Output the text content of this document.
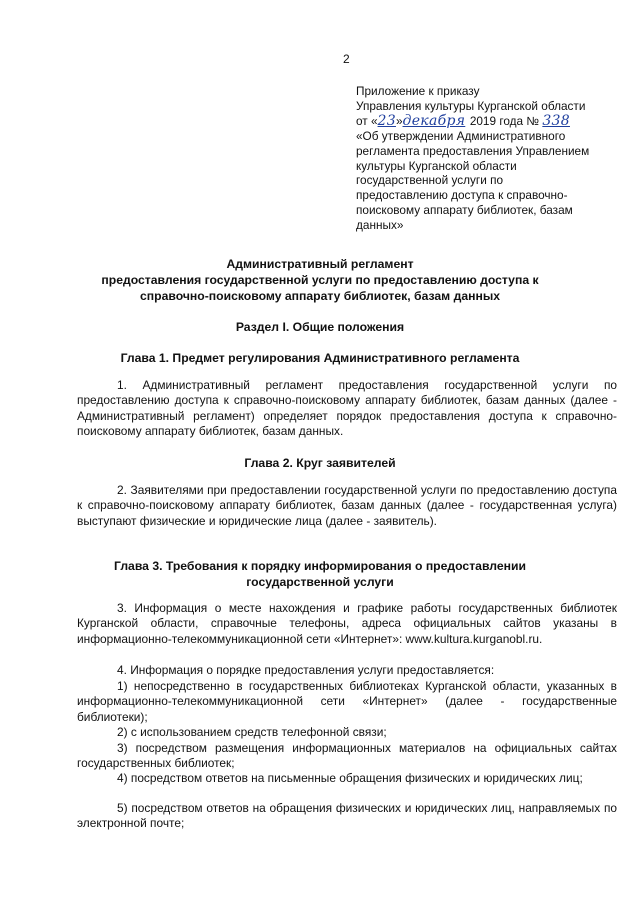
2
Приложение к приказу
Управления культуры Курганской области
от «23»декабря 2019 года № 338
«Об утверждении Административного
регламента предоставления Управлением
культуры Курганской области
государственной услуги по
предоставлению доступа к справочно-
поисковому аппарату библиотек, базам
данных»
Административный регламент
предоставления государственной услуги по предоставлению доступа к
справочно-поисковому аппарату библиотек, базам данных
Раздел I. Общие положения
Глава 1. Предмет регулирования Административного регламента
1. Административный регламент предоставления государственной услуги по предоставлению доступа к справочно-поисковому аппарату библиотек, базам данных (далее - Административный регламент) определяет порядок предоставления доступа к справочно-поисковому аппарату библиотек, базам данных.
Глава 2. Круг заявителей
2. Заявителями при предоставлении государственной услуги по предоставлению доступа к справочно-поисковому аппарату библиотек, базам данных (далее - государственная услуга) выступают физические и юридические лица (далее - заявитель).
Глава 3. Требования к порядку информирования о предоставлении
государственной услуги
3. Информация о месте нахождения и графике работы государственных библиотек Курганской области, справочные телефоны, адреса официальных сайтов указаны в информационно-телекоммуникационной сети «Интернет»: www.kultura.kurganobl.ru.
4. Информация о порядке предоставления услуги предоставляется:
1) непосредственно в государственных библиотеках Курганской области, указанных в информационно-телекоммуникационной сети «Интернет» (далее - государственные библиотеки);
2) с использованием средств телефонной связи;
3) посредством размещения информационных материалов на официальных сайтах государственных библиотек;
4) посредством ответов на письменные обращения физических и юридических лиц;
5) посредством ответов на обращения физических и юридических лиц, направляемых по электронной почте;
